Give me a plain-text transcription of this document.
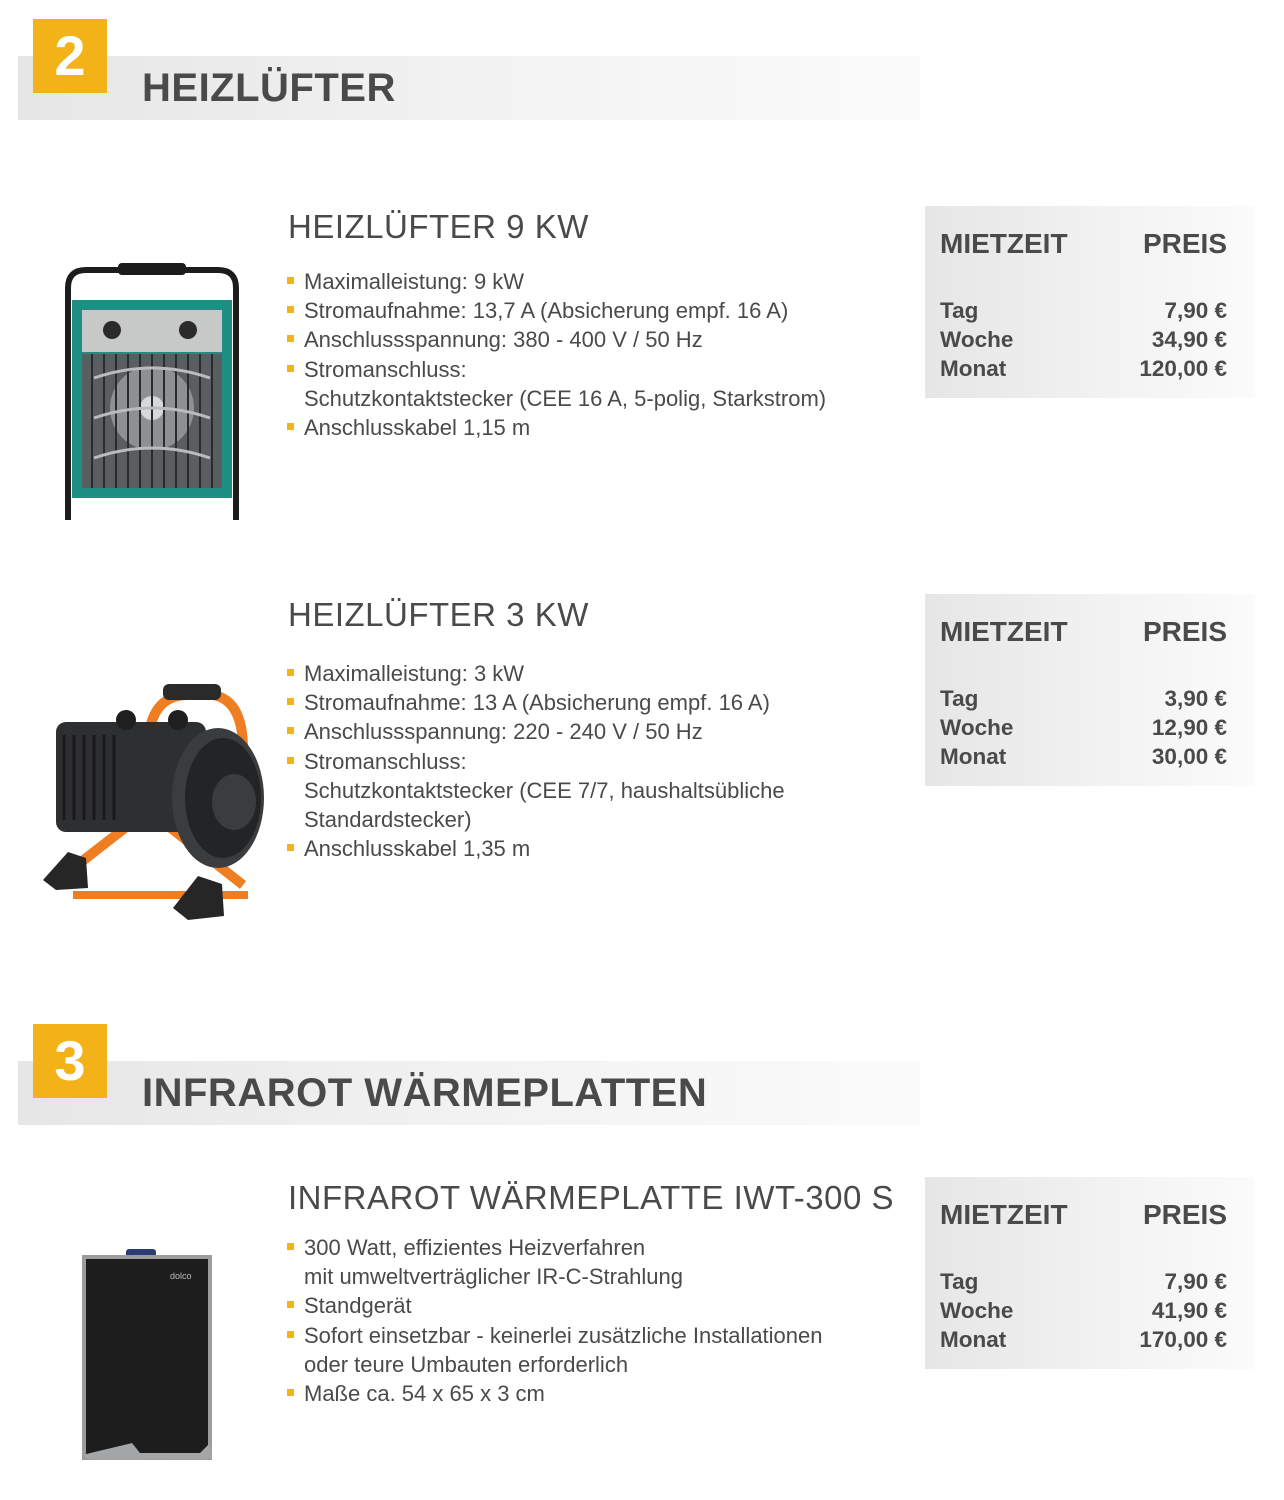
2
HEIZLÜFTER
HEIZLÜFTER 9 KW
Maximalleistung: 9 kW
Stromaufnahme: 13,7 A (Absicherung empf. 16 A)
Anschlussspannung: 380 - 400 V / 50 Hz
Stromanschluss:
Schutzkontaktstecker (CEE 16 A, 5-polig, Starkstrom)
Anschlusskabel 1,15 m
MIETZEIT	PREIS
Tag	7,90 €
Woche	34,90 €
Monat	120,00 €
HEIZLÜFTER 3 KW
Maximalleistung: 3 kW
Stromaufnahme: 13 A (Absicherung empf. 16 A)
Anschlussspannung: 220 - 240 V / 50 Hz
Stromanschluss:
Schutzkontaktstecker (CEE 7/7, haushaltsübliche
Standardstecker)
Anschlusskabel 1,35 m
MIETZEIT	PREIS
Tag	3,90 €
Woche	12,90 €
Monat	30,00 €
3
INFRAROT WÄRMEPLATTEN
dolco
INFRAROT WÄRMEPLATTE IWT-300 S
300 Watt, effizientes Heizverfahren
mit umweltverträglicher IR-C-Strahlung
Standgerät
Sofort einsetzbar - keinerlei zusätzliche Installationen
oder teure Umbauten erforderlich
Maße ca. 54 x 65 x 3 cm
MIETZEIT	PREIS
Tag	7,90 €
Woche	41,90 €
Monat	170,00 €
